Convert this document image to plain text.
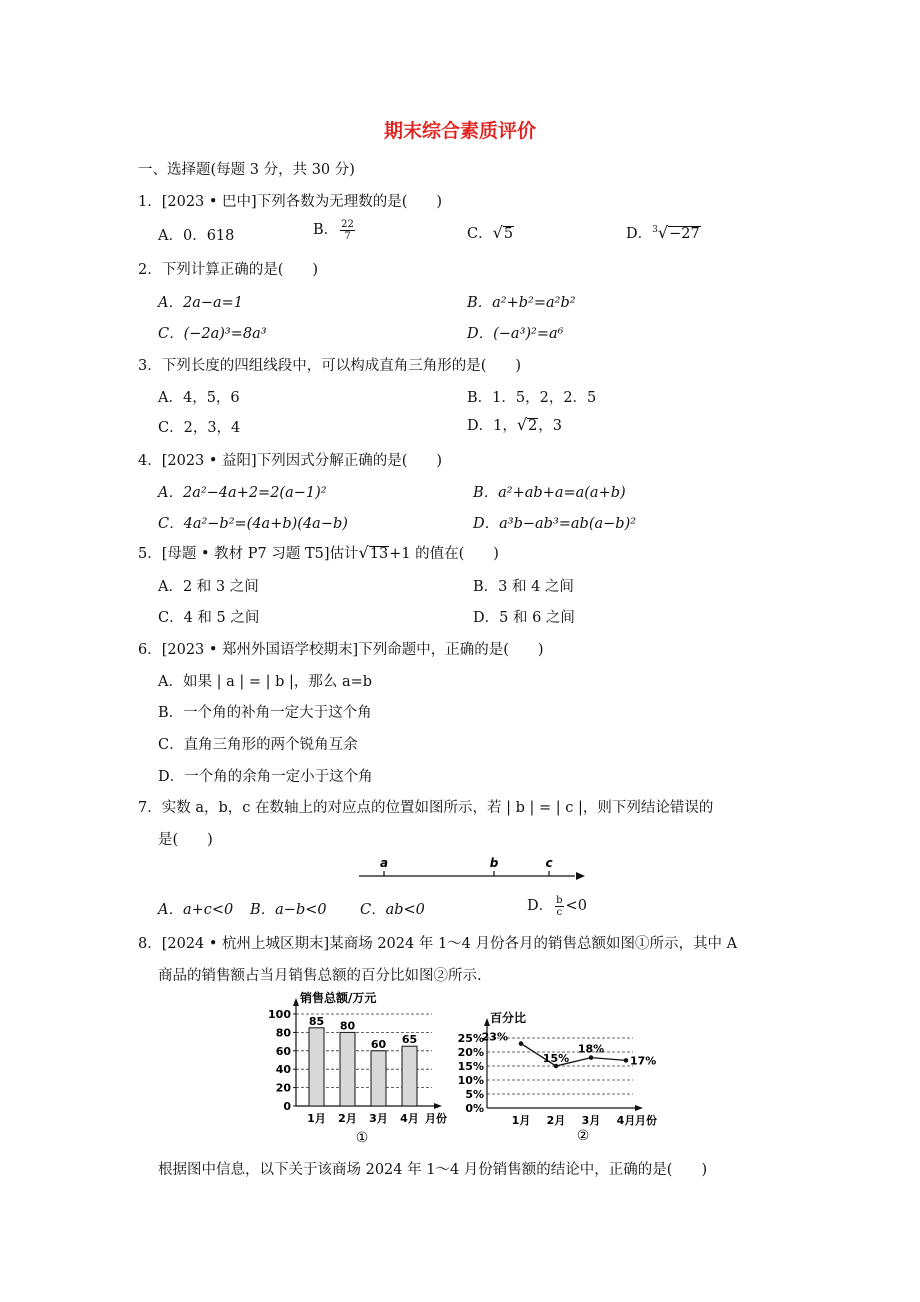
期末综合素质评价
一、选择题(每题 3 分，共 30 分)
1．[2023 • 巴中]下列各数为无理数的是(　　)
A．0．618	B． $\frac{22}{7}$	C．√5	D．$^3$√−27
2．下列计算正确的是(　　)
A．2a−a=1	B．a²+b²=a²b²
C．(−2a)³=8a³	D．(−a³)²=a⁶
3．下列长度的四组线段中，可以构成直角三角形的是(　　)
A．4，5，6	B．1．5，2，2．5
C．2，3，4	D．1，√2，3
4．[2023 • 益阳]下列因式分解正确的是(　　)
A．2a²−4a+2=2(a−1)²	B．a²+ab+a=a(a+b)
C．4a²−b²=(4a+b)(4a−b)	D．a³b−ab³=ab(a−b)²
5．[母题 • 教材 P7 习题 T5]估计√13+1 的值在(　　)
A．2 和 3 之间	B．3 和 4 之间
C．4 和 5 之间	D．5 和 6 之间
6．[2023 • 郑州外国语学校期末]下列命题中，正确的是(　　)
A．如果 | a | = | b |，那么 a=b
B．一个角的补角一定大于这个角
C．直角三角形的两个锐角互余
D．一个角的余角一定小于这个角
7．实数 a，b，c 在数轴上的对应点的位置如图所示，若 | b | = | c |，则下列结论错误的
是(　　)
a	b	c
A．a+c<0 B．a−b<0 C．ab<0	D． $\frac{b}{c} <0$
8．[2024 • 杭州上城区期末]某商场 2024 年 1～4 月份各月的销售总额如图①所示，其中 A
商品的销售额占当月销售总额的百分比如图②所示.
0
20
40
60
80
100
销售总额/万元
85
1月
80
2月
60
3月
65
4月 月份
①
0%
5%
10%
15%
20%
25%
百分比
23%
1月
15%
2月
18%
3月
17%
4月 月份
②
根据图中信息，以下关于该商场 2024 年 1～4 月份销售额的结论中，正确的是(　　)
